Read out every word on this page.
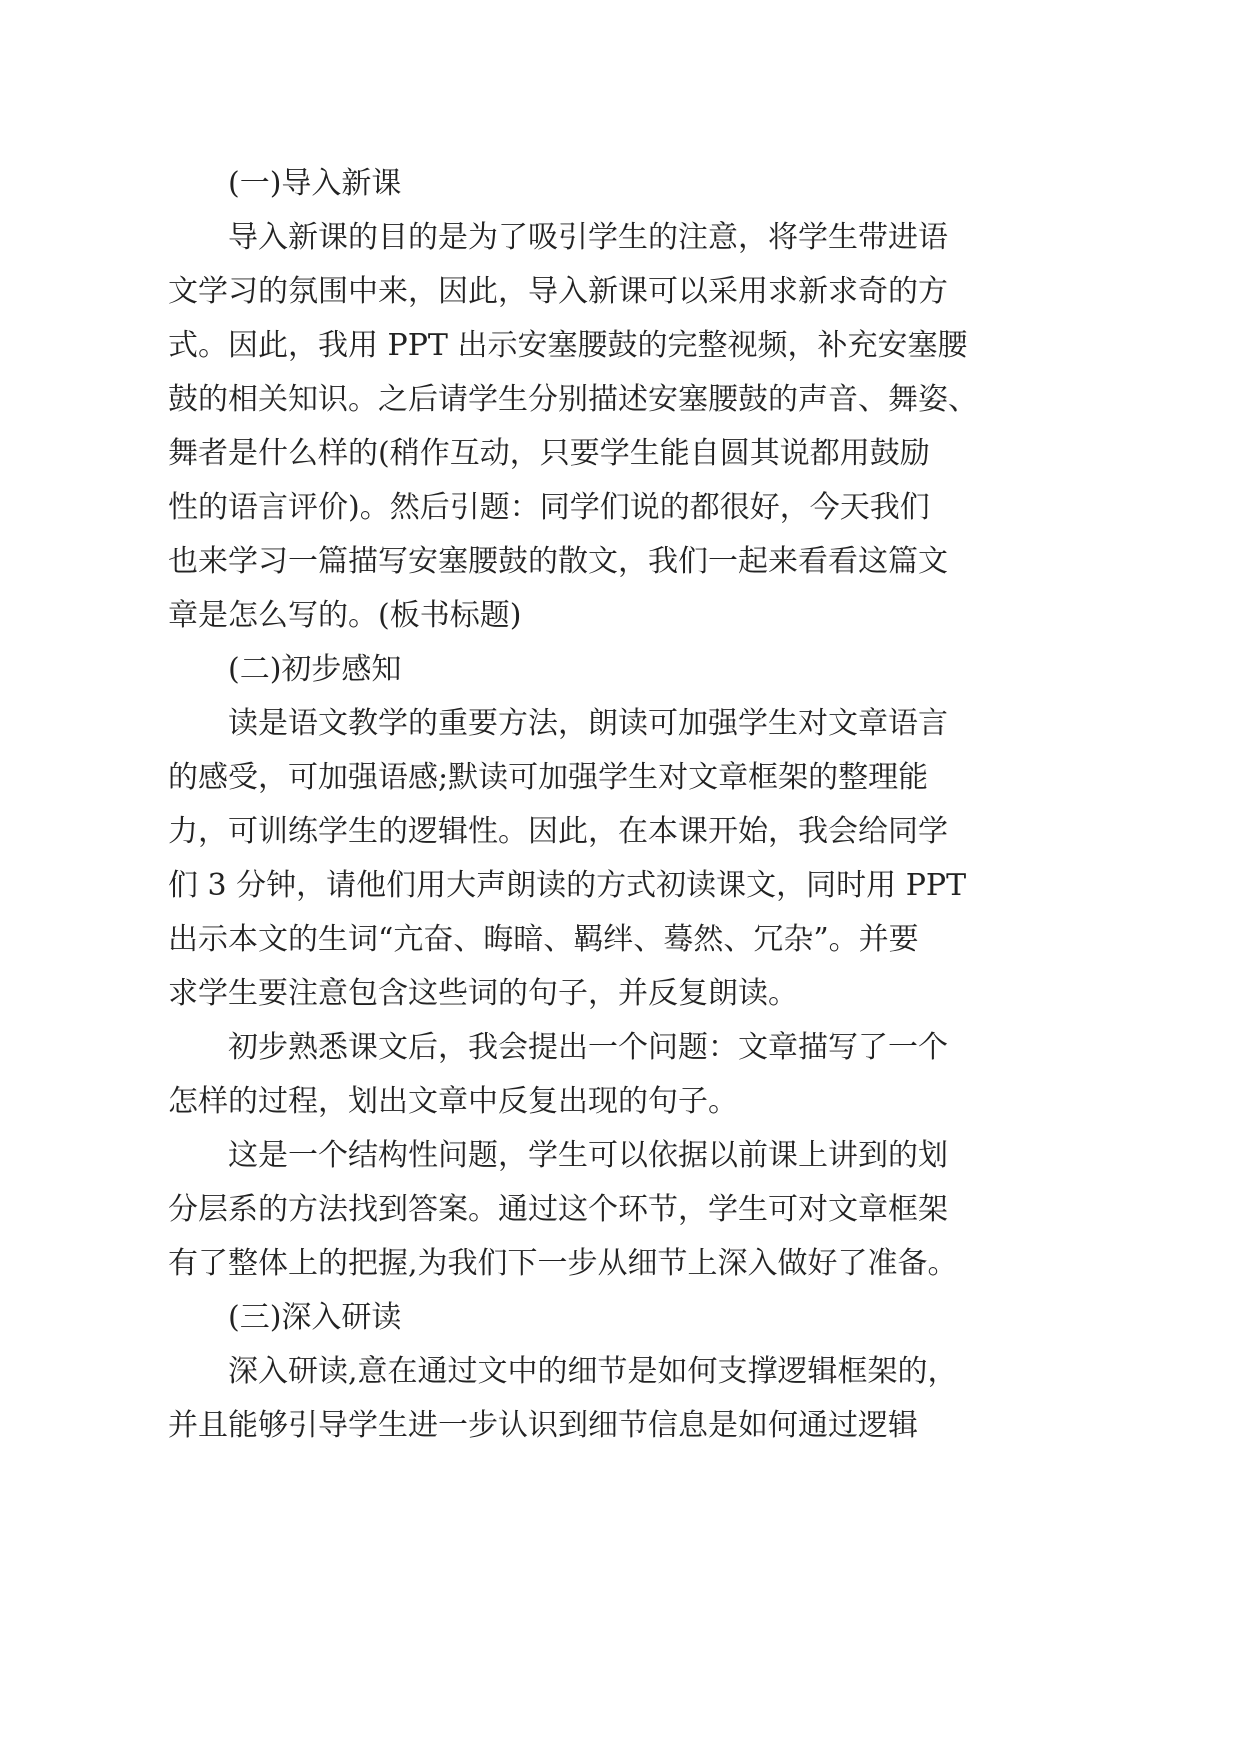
(一)导入新课
导入新课的目的是为了吸引学生的注意，将学生带进语
文学习的氛围中来，因此，导入新课可以采用求新求奇的方
式。因此，我用 PPT 出示安塞腰鼓的完整视频，补充安塞腰
鼓的相关知识。之后请学生分别描述安塞腰鼓的声音、舞姿、
舞者是什么样的(稍作互动，只要学生能自圆其说都用鼓励
性的语言评价)。然后引题：同学们说的都很好，今天我们
也来学习一篇描写安塞腰鼓的散文，我们一起来看看这篇文
章是怎么写的。(板书标题)
(二)初步感知
读是语文教学的重要方法，朗读可加强学生对文章语言
的感受，可加强语感;默读可加强学生对文章框架的整理能
力，可训练学生的逻辑性。因此，在本课开始，我会给同学
们 3 分钟，请他们用大声朗读的方式初读课文，同时用 PPT
出示本文的生词“亢奋、晦暗、羁绊、蓦然、冗杂”。并要
求学生要注意包含这些词的句子，并反复朗读。
初步熟悉课文后，我会提出一个问题：文章描写了一个
怎样的过程，划出文章中反复出现的句子。
这是一个结构性问题，学生可以依据以前课上讲到的划
分层系的方法找到答案。通过这个环节，学生可对文章框架
有了整体上的把握,为我们下一步从细节上深入做好了准备。
(三)深入研读
深入研读,意在通过文中的细节是如何支撑逻辑框架的，
并且能够引导学生进一步认识到细节信息是如何通过逻辑
